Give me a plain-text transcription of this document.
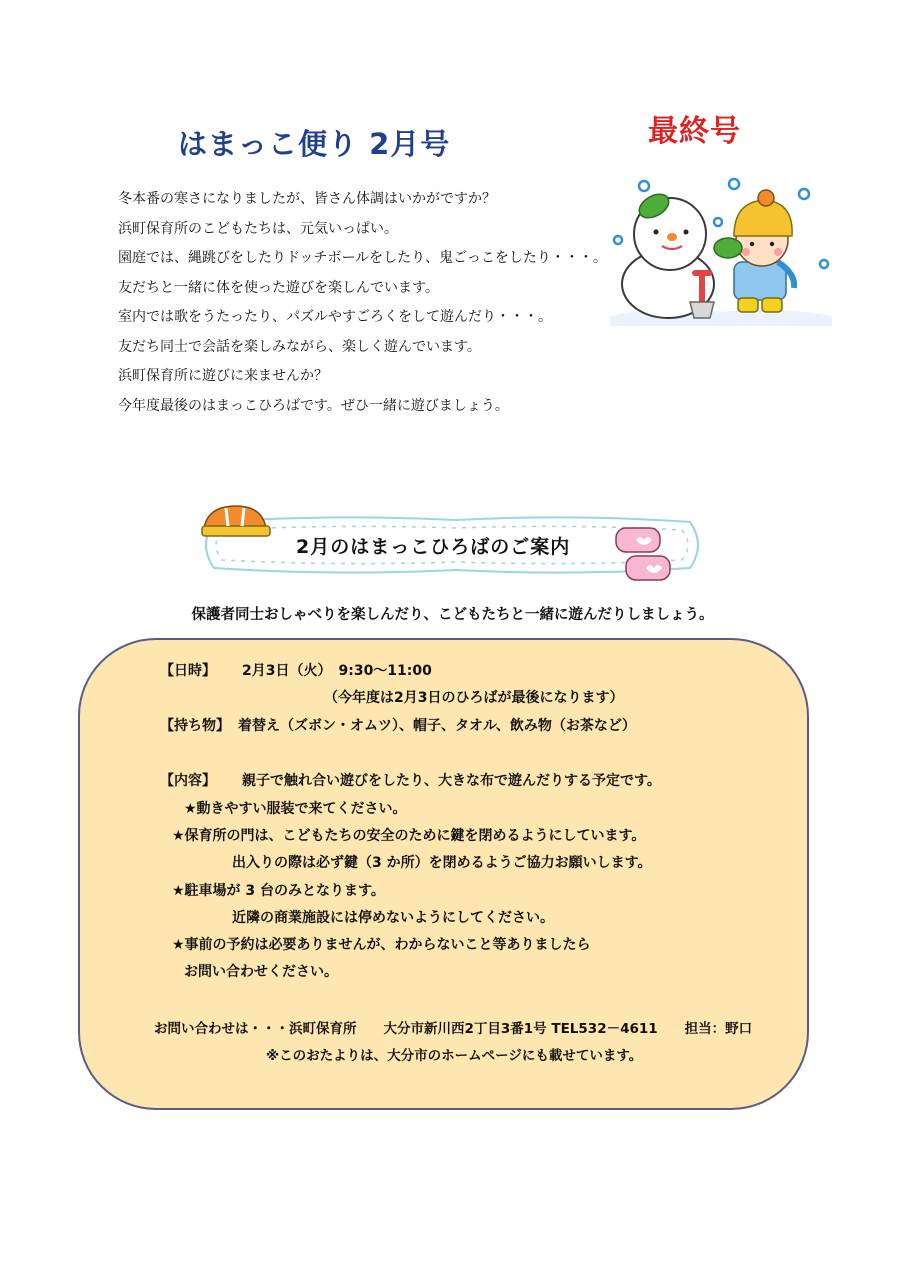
はまっこ便り 2月号	最終号

冬本番の寒さになりましたが、皆さん体調はいかがですか？

浜町保育所のこどもたちは、元気いっぱい。

園庭では、縄跳びをしたりドッチボールをしたり、鬼ごっこをしたり・・・。

友だちと一緒に体を使った遊びを楽しんでいます。

室内では歌をうたったり、パズルやすごろくをして遊んだり・・・。

友だち同士で会話を楽しみながら、楽しく遊んでいます。

浜町保育所に遊びに来ませんか？

今年度最後のはまっこひろばです。ぜひ一緒に遊びましょう。

2月のはまっこひろばのご案内
保護者同士おしゃべりを楽しんだり、こどもたちと一緒に遊んだりしましょう。
【日時】 2月3日（火）　9:30～11:00
（今年度は2月3日のひろばが最後になります）
【持ち物】 着替え（ズボン・オムツ）、帽子、タオル、飲み物（お茶など）
【内容】 親子で触れ合い遊びをしたり、大きな布で遊んだりする予定です。
★動きやすい服装で来てください。
★保育所の門は、こどもたちの安全のために鍵を閉めるようにしています。
出入りの際は必ず鍵（3 か所）を閉めるようご協力お願いします。
★駐車場が 3 台のみとなります。
近隣の商業施設には停めないようにしてください。
★事前の予約は必要ありませんが、わからないこと等ありましたら
お問い合わせください。
お問い合わせは・・・浜町保育所　　大分市新川西2丁目3番1号 TEL532－4611　　担当：野口
※このおたよりは、大分市のホームページにも載せています。
